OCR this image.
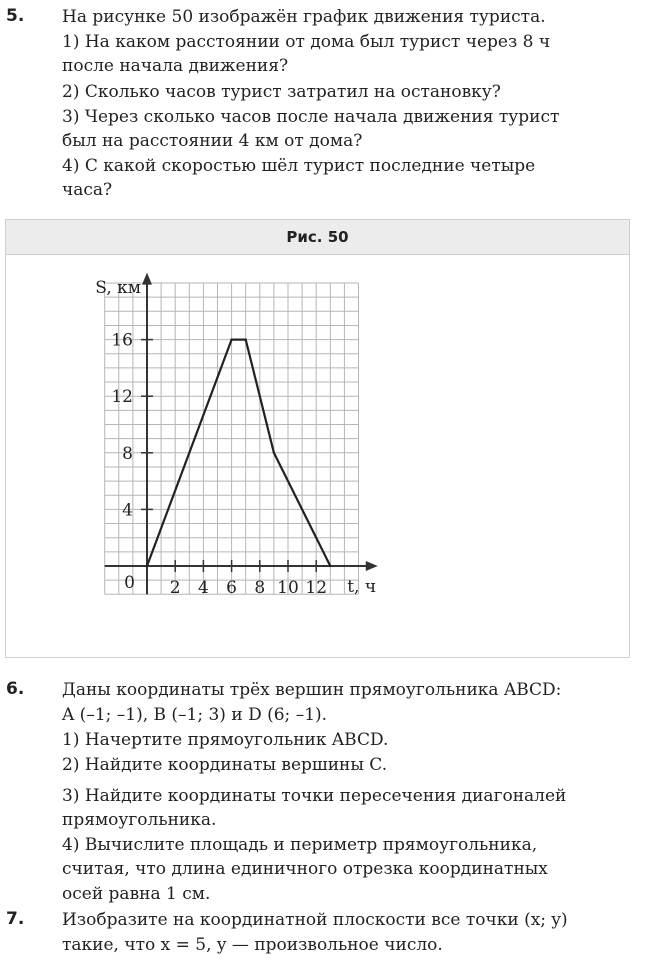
5. На рисунке 50 изображён график движения туриста.
1) На каком расстоянии от дома был турист через 8 ч
после начала движения?
2) Сколько часов турист затратил на остановку?
3) Через сколько часов после начала движения турист
был на расстоянии 4 км от дома?
4) С какой скоростью шёл турист последние четыре
часа?
Рис. 50
2 4 6 8 10 12
4
8
12
16
0
S, км
t, ч
6. Даны координаты трёх вершин прямоугольника ABCD:
A (–1; –1), B (–1; 3) и D (6; –1).
1) Начертите прямоугольник ABCD.
2) Найдите координаты вершины C.
3) Найдите координаты точки пересечения диагоналей
прямоугольника.
4) Вычислите площадь и периметр прямоугольника,
считая, что длина единичного отрезка координатных
осей равна 1 см.
7. Изобразите на координатной плоскости все точки (x; y)
такие, что x = 5, y — произвольное число.
